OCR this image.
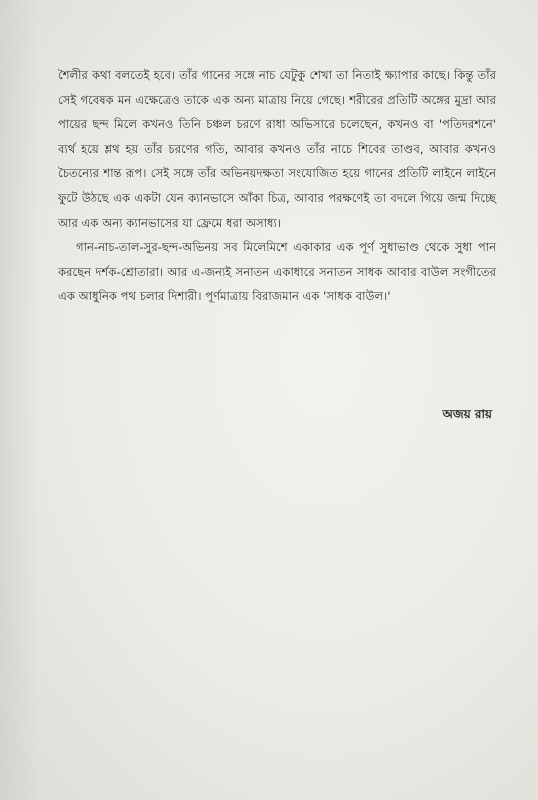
শৈলীর কথা বলতেই হবে। তাঁর গানের সঙ্গে নাচ যেটুকু শেখা তা নিতাই ক্ষ্যাপার কাছে। কিন্তু তাঁর সেই গবেষক মন এক্ষেত্রেও তাকে এক অন্য মাত্রায় নিয়ে গেছে। শরীরের প্রতিটি অঙ্গের মুদ্রা আর পায়ের ছন্দ মিলে কখনও তিনি চঞ্চল চরণে রাধা অভিসারে চলেছেন, কখনও বা 'পতিদরশনে' ব্যর্থ হয়ে শ্লথ হয় তাঁর চরণের গতি, আবার কখনও তাঁর নাচে শিবের তাণ্ডব, আবার কখনও চৈতন্যের শান্ত রূপ। সেই সঙ্গে তাঁর অভিনয়দক্ষতা সংযোজিত হয়ে গানের প্রতিটি লাইনে লাইনে ফুটে উঠছে এক একটা যেন ক্যানভাসে আঁকা চিত্র, আবার পরক্ষণেই তা বদলে গিয়ে জন্ম দিচ্ছে আর এক অন্য ক্যানভাসের যা ফ্রেমে ধরা অসাধ্য।

গান-নাচ-তাল-সুর-ছন্দ-অভিনয় সব মিলেমিশে একাকার এক পূর্ণ সুধাভাণ্ড থেকে সুধা পান করছেন দর্শক-শ্রোতারা। আর এ-জন্যই সনাতন একাধারে সনাতন সাধক আবার বাউল সংগীতের এক আধুনিক পথ চলার দিশারী। পূর্ণমাত্রায় বিরাজমান এক 'সাধক বাউল।'

অজয় রায়
